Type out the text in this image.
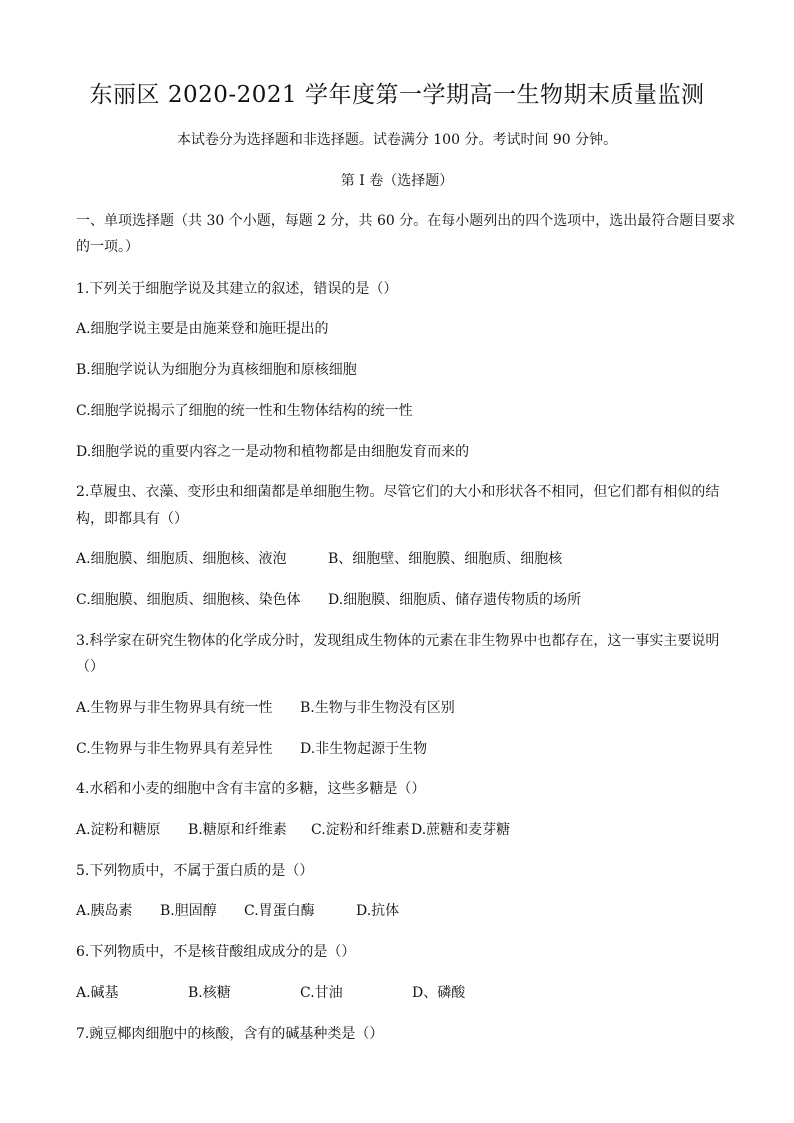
东丽区 2020-2021 学年度第一学期高一生物期末质量监测
本试卷分为选择题和非选择题。试卷满分 100 分。考试时间 90 分钟。
第 I 卷（选择题）
一、单项选择题（共 30 个小题，每题 2 分，共 60 分。在每小题列出的四个选项中，选出最符合题目要求
的一项。）
1.下列关于细胞学说及其建立的叙述，错误的是（）
A.细胞学说主要是由施莱登和施旺提出的
B.细胞学说认为细胞分为真核细胞和原核细胞
C.细胞学说揭示了细胞的统一性和生物体结构的统一性
D.细胞学说的重要内容之一是动物和植物都是由细胞发育而来的
2.草履虫、衣藻、变形虫和细菌都是单细胞生物。尽管它们的大小和形状各不相同，但它们都有相似的结
构，即都具有（）
A.细胞膜、细胞质、细胞核、液泡	B、细胞壁、细胞膜、细胞质、细胞核
C.细胞膜、细胞质、细胞核、染色体 D.细胞膜、细胞质、储存遗传物质的场所
3.科学家在研究生物体的化学成分时，发现组成生物体的元素在非生物界中也都存在，这一事实主要说明
（）
A.生物界与非生物界具有统一性 B.生物与非生物没有区别
C.生物界与非生物界具有差异性 D.非生物起源于生物
4.水稻和小麦的细胞中含有丰富的多糖，这些多糖是（）
A.淀粉和糖原 B.糖原和纤维素 C.淀粉和纤维素D.蔗糖和麦芽糖
5.下列物质中，不属于蛋白质的是（）
A.胰岛素 B.胆固醇 C.胃蛋白酶	D.抗体
6.下列物质中，不是核苷酸组成成分的是（）
A.碱基	B.核糖	C.甘油	D、磷酸
7.豌豆椰肉细胞中的核酸，含有的碱基种类是（）
